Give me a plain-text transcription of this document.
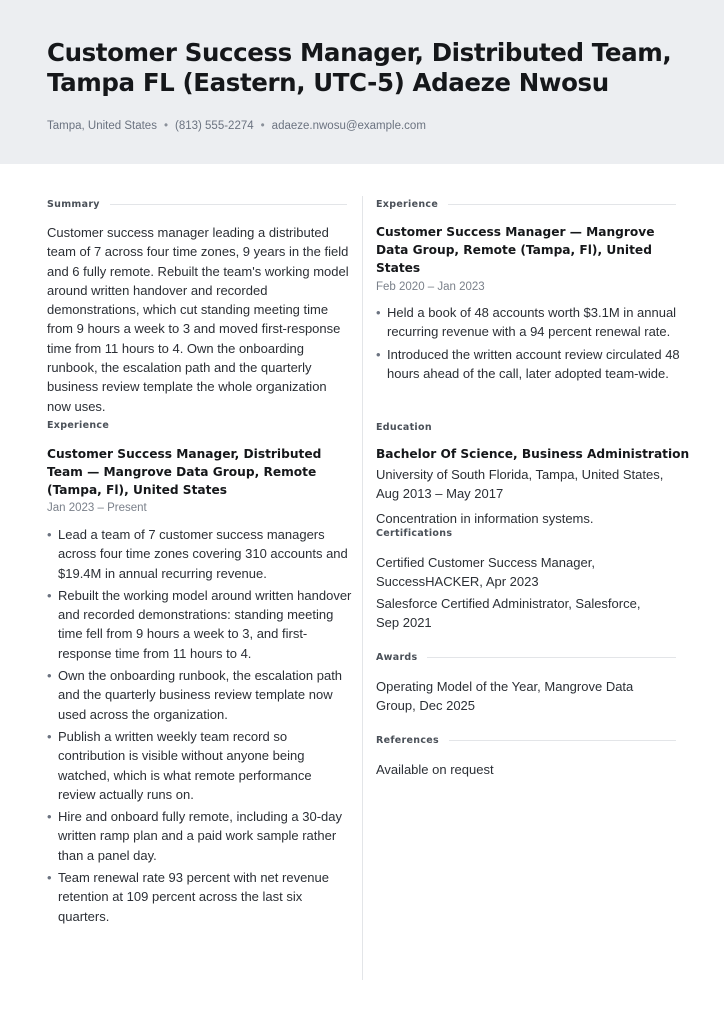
Customer Success Manager, Distributed Team, Tampa FL (Eastern, UTC-5) Adaeze Nwosu
Tampa, United States • (813) 555-2274 • adaeze.nwosu@example.com
Summary
Customer success manager leading a distributed team of 7 across four time zones, 9 years in the field and 6 fully remote. Rebuilt the team's working model around written handover and recorded demonstrations, which cut standing meeting time from 9 hours a week to 3 and moved first-response time from 11 hours to 4. Own the onboarding runbook, the escalation path and the quarterly business review template the whole organization now uses.
Experience
Customer Success Manager, Distributed Team — Mangrove Data Group, Remote (Tampa, Fl), United States
Jan 2023 – Present
• Lead a team of 7 customer success managers across four time zones covering 310 accounts and $19.4M in annual recurring revenue.
• Rebuilt the working model around written handover and recorded demonstrations: standing meeting time fell from 9 hours a week to 3, and first-response time from 11 hours to 4.
• Own the onboarding runbook, the escalation path and the quarterly business review template now used across the organization.
• Publish a written weekly team record so contribution is visible without anyone being watched, which is what remote performance review actually runs on.
• Hire and onboard fully remote, including a 30-day written ramp plan and a paid work sample rather than a panel day.
• Team renewal rate 93 percent with net revenue retention at 109 percent across the last six quarters.
Experience
Customer Success Manager — Mangrove Data Group, Remote (Tampa, Fl), United States
Feb 2020 – Jan 2023
• Held a book of 48 accounts worth $3.1M in annual recurring revenue with a 94 percent renewal rate.
• Introduced the written account review circulated 48 hours ahead of the call, later adopted team-wide.
Education
Bachelor Of Science, Business Administration
University of South Florida, Tampa, United States, Aug 2013 – May 2017
Concentration in information systems.
Certifications
Certified Customer Success Manager, SuccessHACKER, Apr 2023
Salesforce Certified Administrator, Salesforce, Sep 2021
Awards
Operating Model of the Year, Mangrove Data Group, Dec 2025
References
Available on request
